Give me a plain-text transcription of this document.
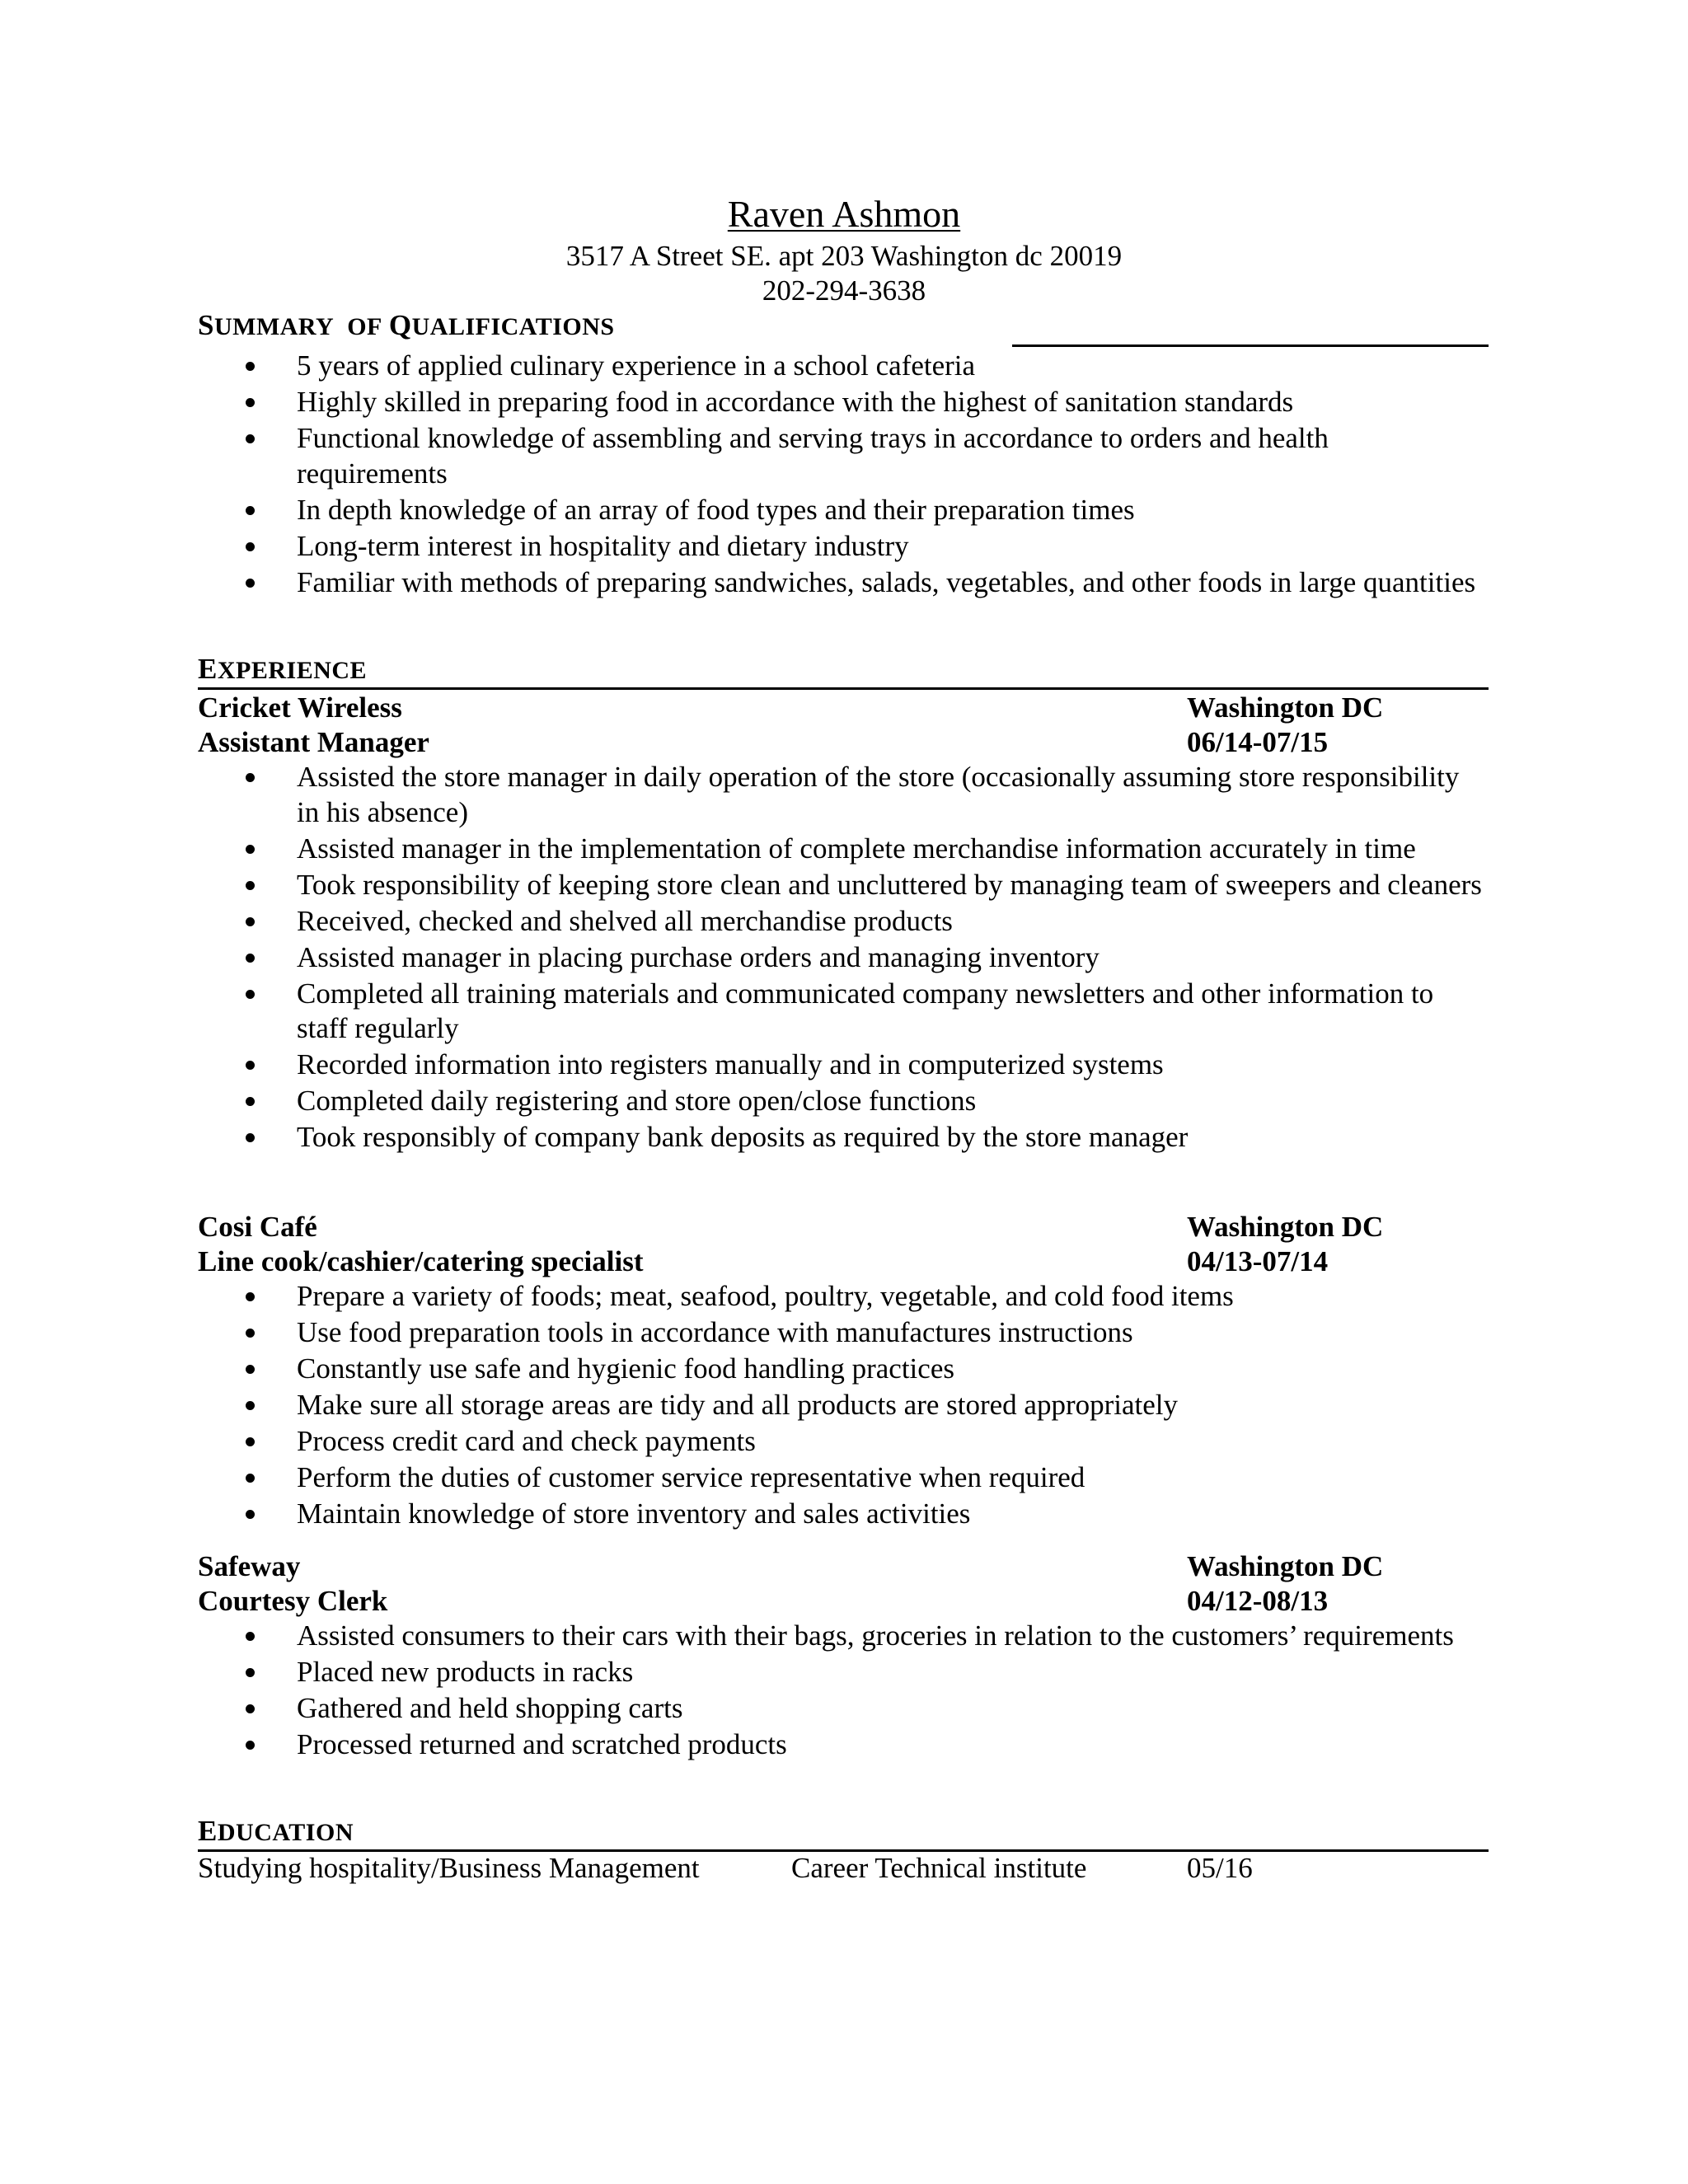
Raven Ashmon
3517 A Street SE. apt 203 Washington dc 20019
202-294-3638
SUMMARY OF QUALIFICATIONS
5 years of applied culinary experience in a school cafeteria
Highly skilled in preparing food in accordance with the highest of sanitation standards
Functional knowledge of assembling and serving trays in accordance to orders and health requirements
In depth knowledge of an array of food types and their preparation times
Long-term interest in hospitality and dietary industry
Familiar with methods of preparing sandwiches, salads, vegetables, and other foods in large quantities
EXPERIENCE
Cricket Wireless	Washington DC
Assistant Manager	06/14-07/15
Assisted the store manager in daily operation of the store (occasionally assuming store responsibility in his absence)
Assisted manager in the implementation of complete merchandise information accurately in time
Took responsibility of keeping store clean and uncluttered by managing team of sweepers and cleaners
Received, checked and shelved all merchandise products
Assisted manager in placing purchase orders and managing inventory
Completed all training materials and communicated company newsletters and other information to staff regularly
Recorded information into registers manually and in computerized systems
Completed daily registering and store open/close functions
Took responsibly of company bank deposits as required by the store manager
Cosi Café	Washington DC
Line cook/cashier/catering specialist	04/13-07/14
Prepare a variety of foods; meat, seafood, poultry, vegetable, and cold food items
Use food preparation tools in accordance with manufactures instructions
Constantly use safe and hygienic food handling practices
Make sure all storage areas are tidy and all products are stored appropriately
Process credit card and check payments
Perform the duties of customer service representative when required
Maintain knowledge of store inventory and sales activities
Safeway	Washington DC
Courtesy Clerk	04/12-08/13
Assisted consumers to their cars with their bags, groceries in relation to the customers’ requirements
Placed new products in racks
Gathered and held shopping carts
Processed returned and scratched products
EDUCATION
Studying hospitality/Business Management	Career Technical institute	05/16
